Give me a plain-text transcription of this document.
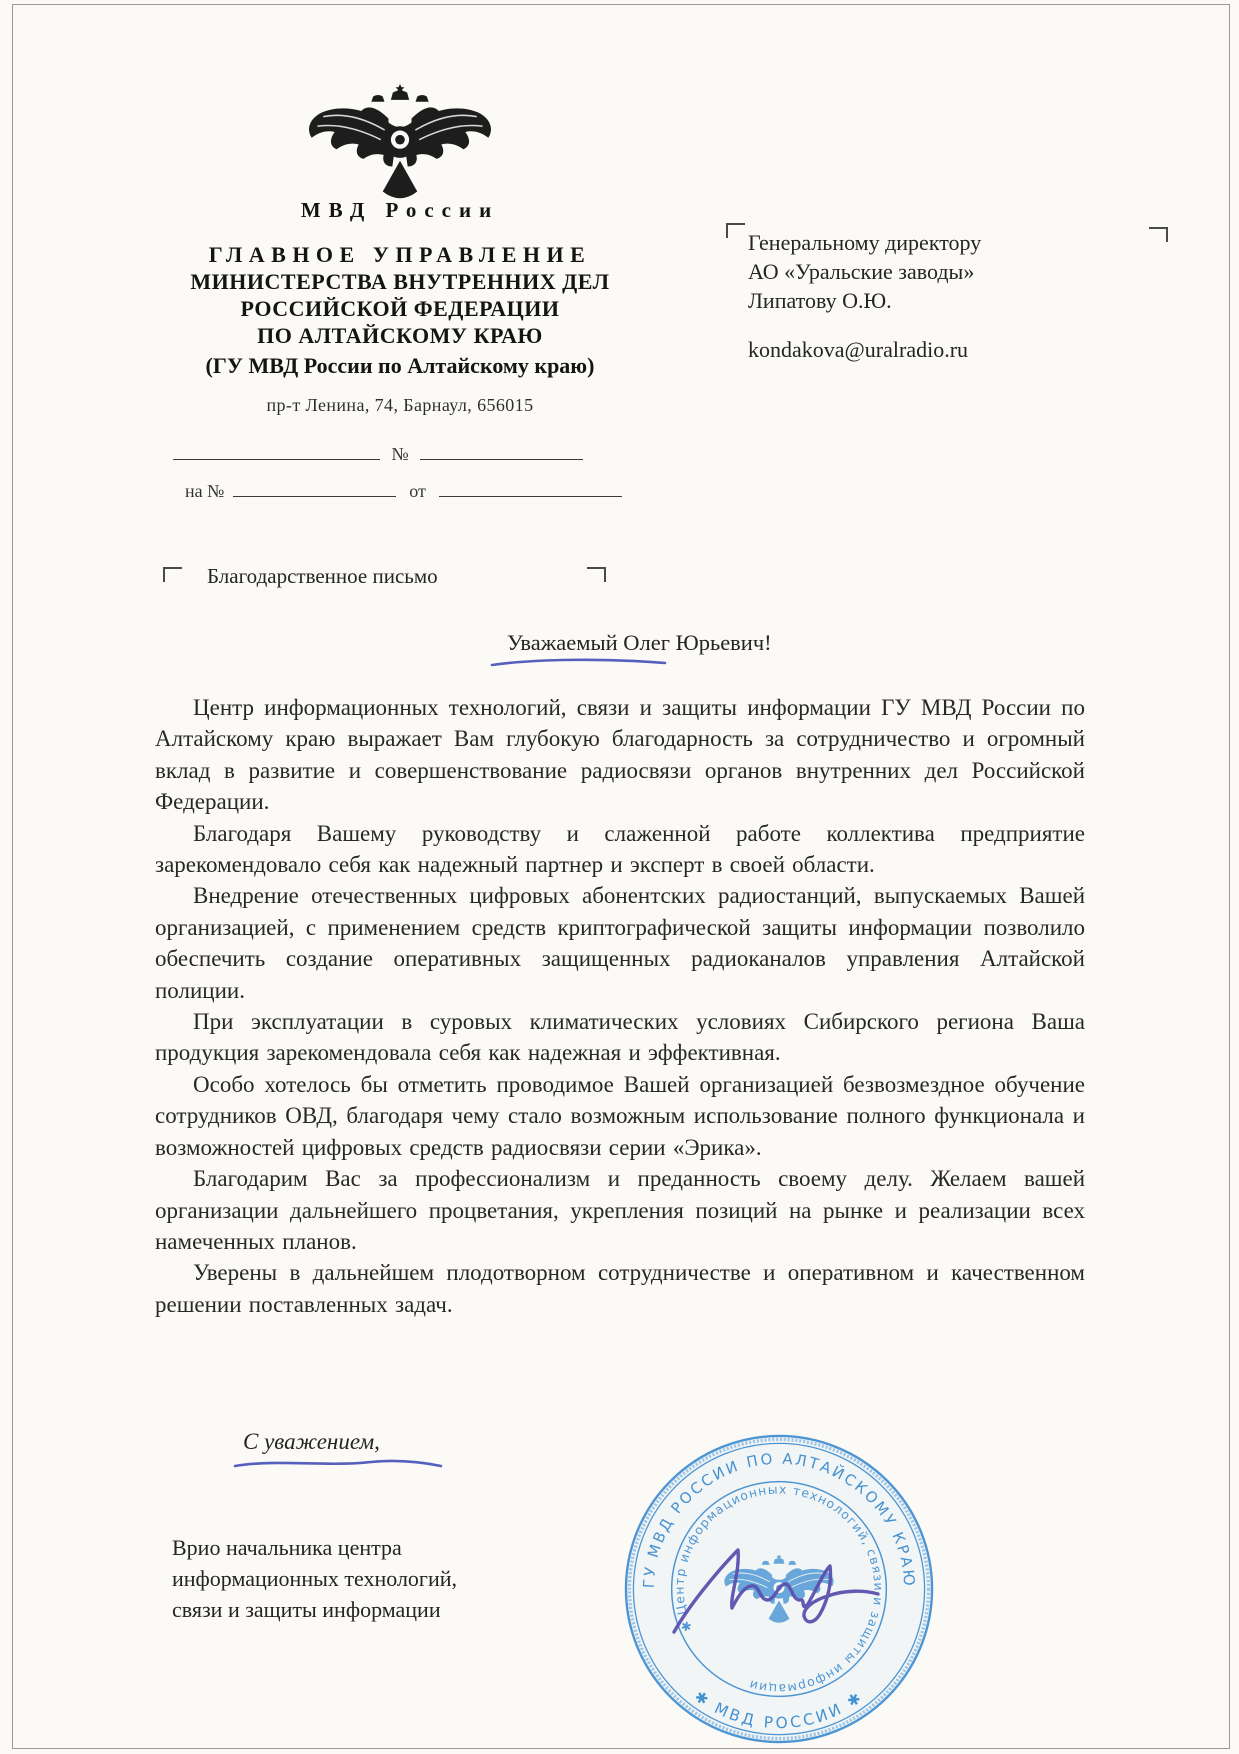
МВД России
ГЛАВНОЕ УПРАВЛЕНИЕ
МИНИСТЕРСТВА ВНУТРЕННИХ ДЕЛ
РОССИЙСКОЙ ФЕДЕРАЦИИ
ПО АЛТАЙСКОМУ КРАЮ
(ГУ МВД России по Алтайскому краю)
пр-т Ленина, 74, Барнаул, 656015
№
на №	от
Генеральному директору
АО «Уральские заводы»
Липатову О.Ю.
kondakova@uralradio.ru
Благодарственное письмо
Уважаемый Олег Юрьевич!

Центр информационных технологий, связи и защиты информации ГУ МВД России по Алтайскому краю выражает Вам глубокую благодарность за сотрудничество и огромный вклад в развитие и совершенствование радиосвязи органов внутренних дел Российской Федерации.

Благодаря Вашему руководству и слаженной работе коллектива предприятие зарекомендовало себя как надежный партнер и эксперт в своей области.

Внедрение отечественных цифровых абонентских радиостанций, выпускаемых Вашей организацией, с применением средств криптографической защиты информации позволило обеспечить создание оперативных защищенных радиоканалов управления Алтайской полиции.

При эксплуатации в суровых климатических условиях Сибирского региона Ваша продукция зарекомендовала себя как надежная и эффективная.

Особо хотелось бы отметить проводимое Вашей организацией безвозмездное обучение сотрудников ОВД, благодаря чему стало возможным использование полного функционала и возможностей цифровых средств радиосвязи серии «Эрика».

Благодарим Вас за профессионализм и преданность своему делу. Желаем вашей организации дальнейшего процветания, укрепления позиций на рынке и реализации всех намеченных планов.

Уверены в дальнейшем плодотворном сотрудничестве и оперативном и качественном решении поставленных задач.

С уважением,
Врио начальника центра
информационных технологий,
связи и защиты информации
ГУ МВД РОССИИ ПО АЛТАЙСКОМУ КРАЮ
✱ МВД РОССИИ ✱
✱ Центр информационных технологий, связи и защиты информации
